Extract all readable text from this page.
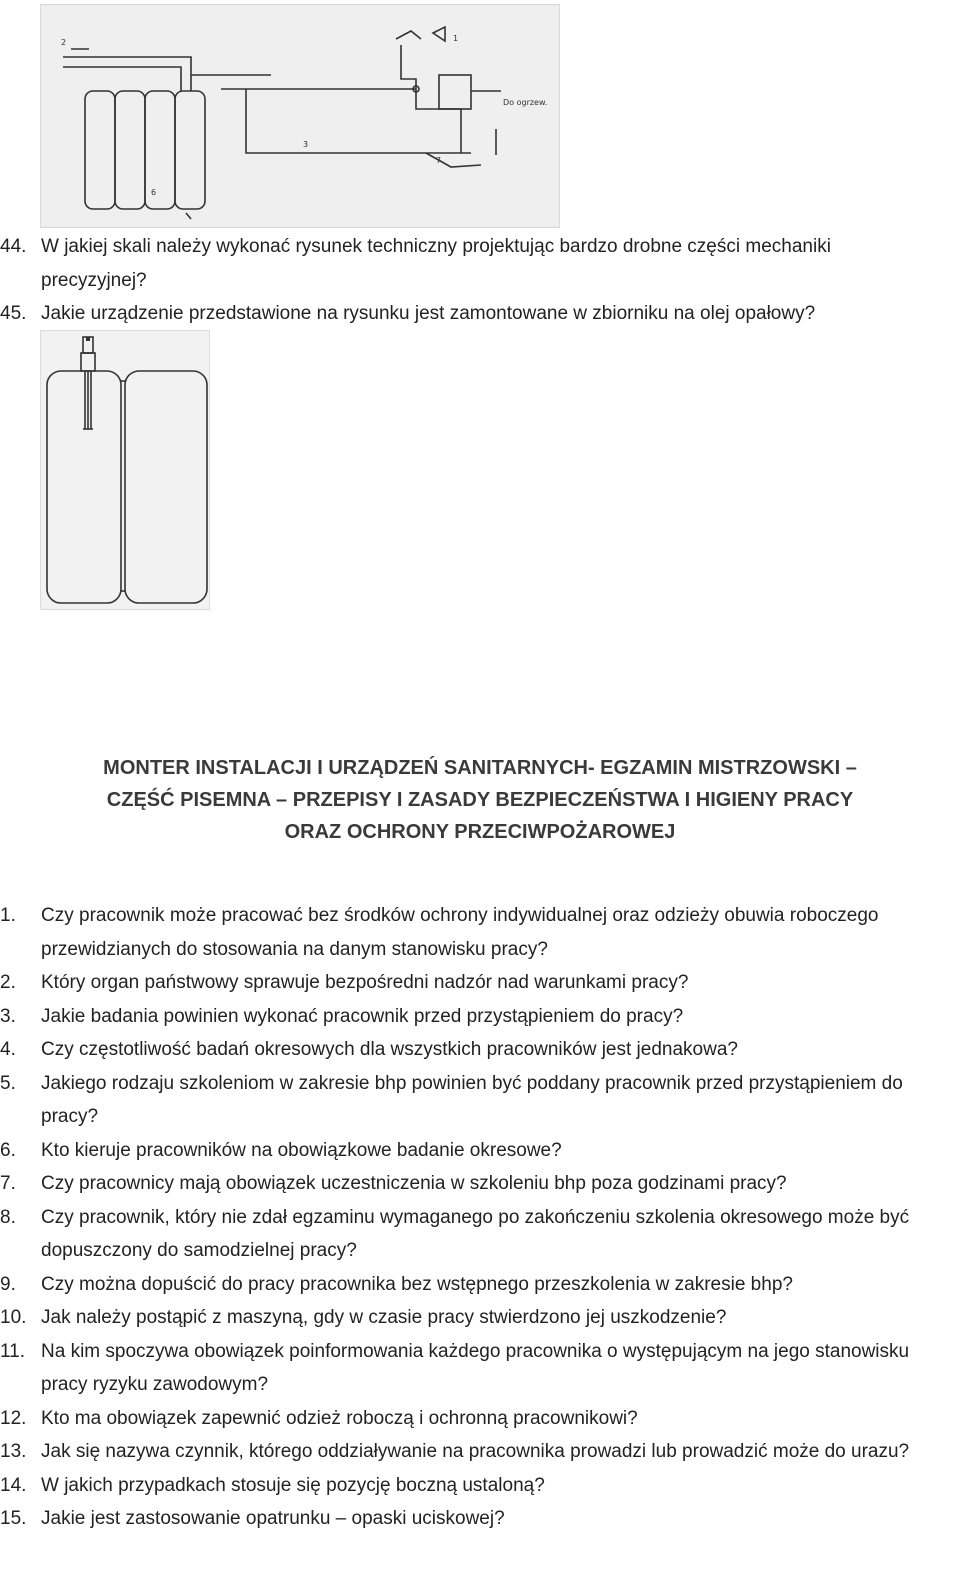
2	1
Do ogrzew.
6
3
7
44. W jakiej skali należy wykonać rysunek techniczny projektując bardzo drobne części mechaniki precyzyjnej?
45. Jakie urządzenie przedstawione na rysunku jest zamontowane w zbiorniku na olej opałowy?
MONTER INSTALACJI I URZĄDZEŃ SANITARNYCH- EGZAMIN MISTRZOWSKI –
CZĘŚĆ PISEMNA – PRZEPISY I ZASADY BEZPIECZEŃSTWA I HIGIENY PRACY
ORAZ OCHRONY PRZECIWPOŻAROWEJ
1.	Czy pracownik może pracować bez środków ochrony indywidualnej oraz odzieży obuwia roboczego przewidzianych do stosowania na danym stanowisku pracy?
2.	Który organ państwowy sprawuje bezpośredni nadzór nad warunkami pracy?
3.	Jakie badania powinien wykonać pracownik przed przystąpieniem do pracy?
4.	Czy częstotliwość badań okresowych dla wszystkich pracowników jest jednakowa?
5.	Jakiego rodzaju szkoleniom w zakresie bhp powinien być poddany pracownik przed przystąpieniem do pracy?
6.	Kto kieruje pracowników na obowiązkowe badanie okresowe?
7.	Czy pracownicy mają obowiązek uczestniczenia w szkoleniu bhp poza godzinami pracy?
8.	Czy pracownik, który nie zdał egzaminu wymaganego po zakończeniu szkolenia okresowego może być dopuszczony do samodzielnej pracy?
9.	Czy można dopuścić do pracy pracownika bez wstępnego przeszkolenia w zakresie bhp?
10. Jak należy postąpić z maszyną, gdy w czasie pracy stwierdzono jej uszkodzenie?
11. Na kim spoczywa obowiązek poinformowania każdego pracownika o występującym na jego stanowisku pracy ryzyku zawodowym?
12. Kto ma obowiązek zapewnić odzież roboczą i ochronną pracownikowi?
13. Jak się nazywa czynnik, którego oddziaływanie na pracownika prowadzi lub prowadzić może do urazu?
14. W jakich przypadkach stosuje się pozycję boczną ustaloną?
15. Jakie jest zastosowanie opatrunku – opaski uciskowej?
